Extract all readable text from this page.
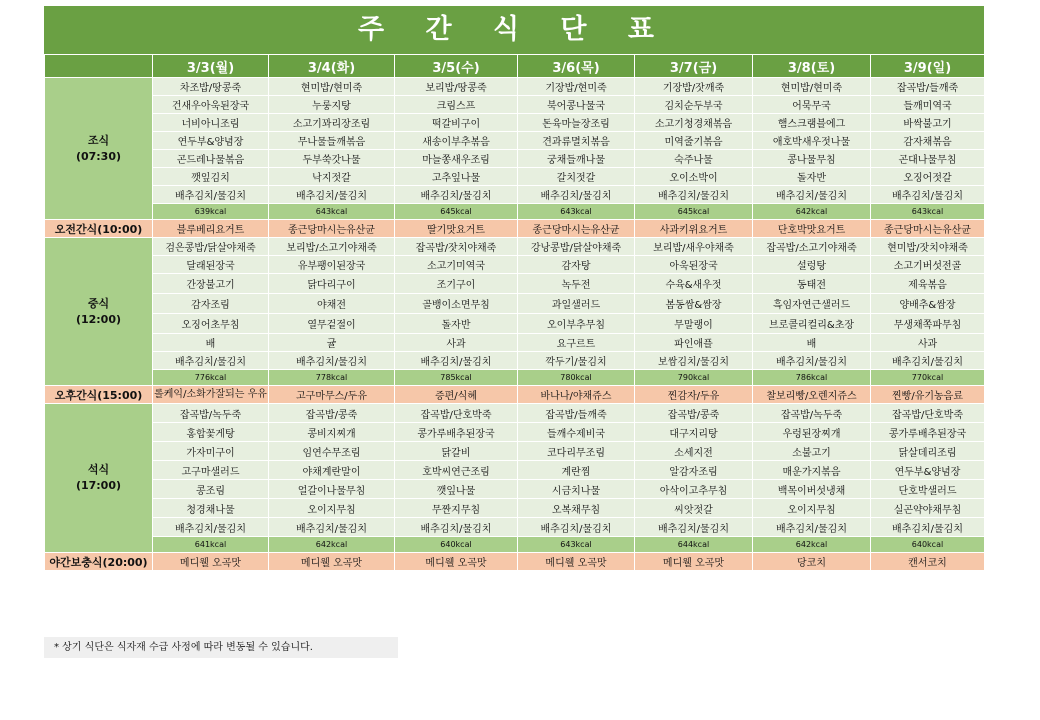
주 간 식 단 표
	3/3(월)	3/4(화)	3/5(수)	3/6(목)	3/7(금)	3/8(토)	3/9(일)

조식
(07:30)	차조밥/땅콩죽	현미밥/현미죽	보리밥/땅콩죽	기장밥/현미죽	기장밥/잣깨죽	현미밥/현미죽	잡곡밥/들깨죽
	건새우아욱된장국	누룽지탕	크림스프	북어콩나물국	김치순두부국	어묵무국	들깨미역국
	너비아니조림	소고기꽈리장조림	떡갈비구이	돈육마늘장조림	소고기청경채볶음	햄스크램블에그	바싹불고기
	연두부&양념장	무나물들깨볶음	새송이부추볶음	견과류멸치볶음	미역줄기볶음	애호박새우젓나물	감자채볶음
	곤드레나물볶음	두부쑥갓나물	마늘쫑새우조림	궁채들깨나물	숙주나물	콩나물무침	곤대나물무침
	깻잎김치	낙지젓갈	고추잎나물	갈치젓갈	오이소박이	돌자반	오징어젓갈
	배추김치/물김치	배추김치/물김치	배추김치/물김치	배추김치/물김치	배추김치/물김치	배추김치/물김치	배추김치/물김치
	639kcal	643kcal	645kcal	643kcal	645kcal	642kcal	643kcal
오전간식(10:00)	블루베리요거트	종근당마시는유산균	딸기맛요거트	종근당마시는유산균	사과키위요거트	단호박맛요거트	종근당마시는유산균

중식
(12:00)	검은콩밥/닭살야채죽	보리밥/소고기야채죽	잡곡밥/잣치야채죽	강낭콩밥/닭살야채죽	보리밥/새우야채죽	잡곡밥/소고기야채죽	현미밥/잣치야채죽
	달래된장국	유부팽이된장국	소고기미역국	감자탕	아욱된장국	설렁탕	소고기버섯전골
	간장불고기	닭다리구이	조기구이	녹두전	수육&새우젓	동태전	제육볶음
	감자조림	야채전	골뱅이소면무침	과일샐러드	봄동쌈&쌈장	흑임자연근샐러드	양배추&쌈장
	오징어초무침	열무겉절이	돌자반	오이부추무침	무말랭이	브로콜리컬리&초장	무생채쪽파무침
	배	귤	사과	요구르트	파인애플	배	사과
	배추김치/물김치	배추김치/물김치	배추김치/물김치	깍두기/물김치	보쌈김치/물김치	배추김치/물김치	배추김치/물김치
	776kcal	778kcal	785kcal	780kcal	790kcal	786kcal	770kcal
오후간식(15:00)	롤케익/소화가잘되는 우유	고구마무스/두유	증편/식혜	바나나/야채쥬스	찐감자/두유	찰보리빵/오렌지쥬스	찐빵/유기농음료

석식
(17:00)	잡곡밥/녹두죽	잡곡밥/콩죽	잡곡밥/단호박죽	잡곡밥/들깨죽	잡곡밥/콩죽	잡곡밥/녹두죽	잡곡밥/단호박죽
	홍합꽃게탕	콩비지찌개	콩가루배추된장국	들깨수제비국	대구지리탕	우렁된장찌개	콩가루배추된장국
	가자미구이	임연수무조림	닭갈비	코다리무조림	소세지전	소불고기	닭살데리조림
	고구마샐러드	야채계란말이	호박씨연근조림	계란찜	알감자조림	매운가지볶음	연두부&양념장
	콩조림	얼갈이나물무침	깻잎나물	시금치나물	아삭이고추무침	백목이버섯냉채	단호박샐러드
	청경채나물	오이지무침	무짠지무침	오복채무침	씨앗젓갈	오이지무침	실곤약야채무침
	배추김치/물김치	배추김치/물김치	배추김치/물김치	배추김치/물김치	배추김치/물김치	배추김치/물김치	배추김치/물김치
	641kcal	642kcal	640kcal	643kcal	644kcal	642kcal	640kcal
야간보충식(20:00)	메디웰 오곡맛	메디웰 오곡맛	메디웰 오곡맛	메디웰 오곡맛	메디웰 오곡맛	당코치	캔서코치
* 상기 식단은 식자재 수급 사정에 따라 변동될 수 있습니다.
